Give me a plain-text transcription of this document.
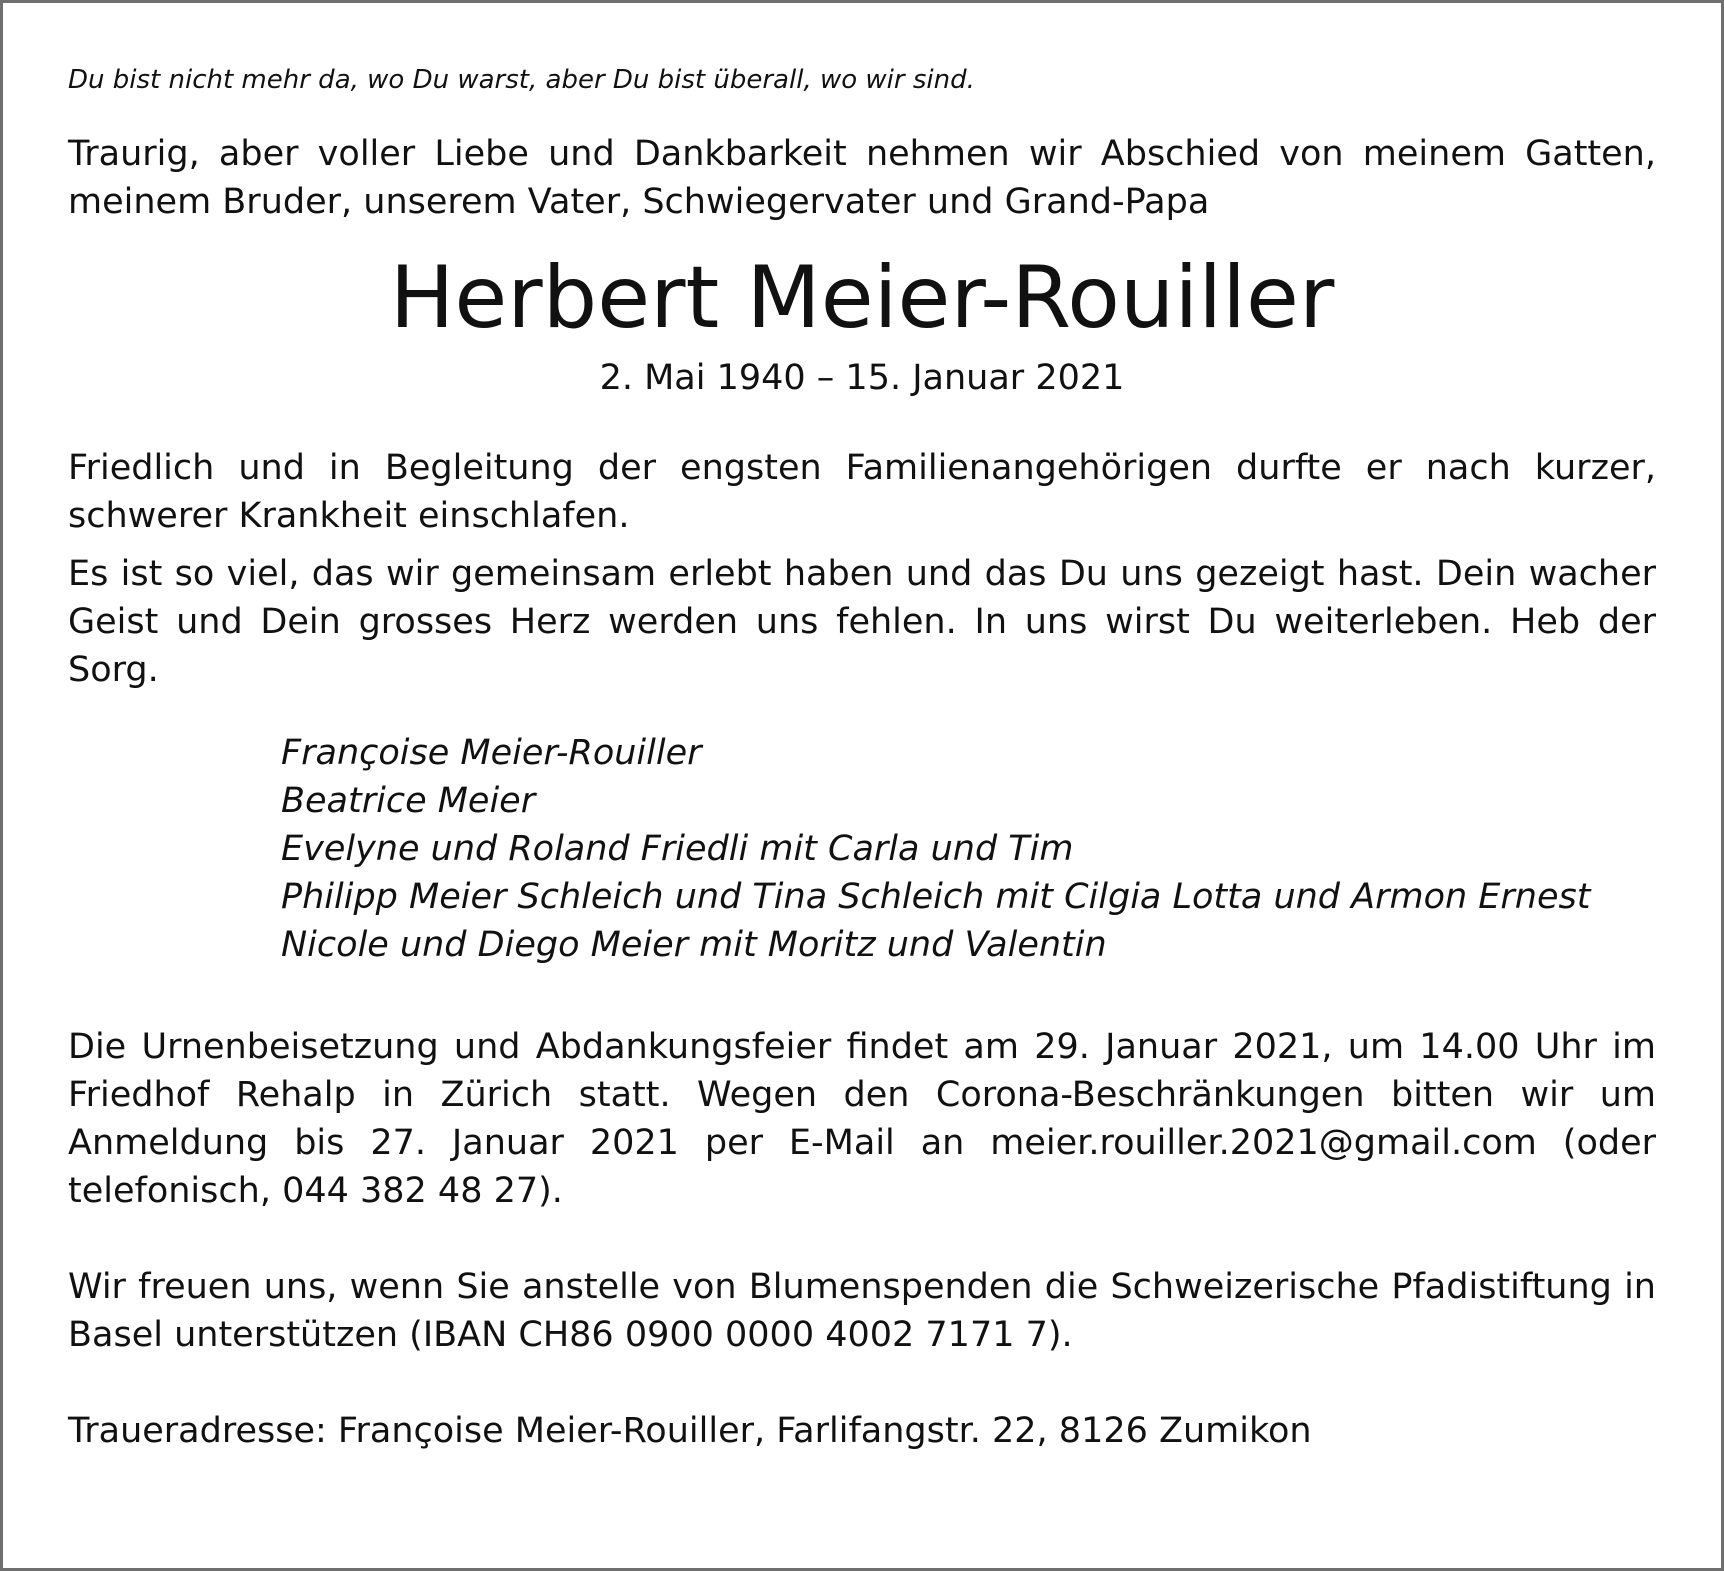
Du bist nicht mehr da, wo Du warst, aber Du bist überall, wo wir sind.

Traurig, aber voller Liebe und Dankbarkeit nehmen wir Abschied von meinem Gatten, meinem Bruder, unserem Vater, Schwiegervater und Grand-Papa

Herbert Meier-Rouiller

2. Mai 1940 – 15. Januar 2021

Friedlich und in Begleitung der engsten Familienangehörigen durfte er nach kurzer, schwerer Krankheit einschlafen.

Es ist so viel, das wir gemeinsam erlebt haben und das Du uns gezeigt hast. Dein wacher Geist und Dein grosses Herz werden uns fehlen. In uns wirst Du weiterleben. Heb der Sorg.

Françoise Meier-Rouiller
Beatrice Meier
Evelyne und Roland Friedli mit Carla und Tim
Philipp Meier Schleich und Tina Schleich mit Cilgia Lotta und Armon Ernest
Nicole und Diego Meier mit Moritz und Valentin

Die Urnenbeisetzung und Abdankungsfeier findet am 29. Januar 2021, um 14.00 Uhr im Friedhof Rehalp in Zürich statt. Wegen den Corona-Beschränkungen bitten wir um Anmeldung bis 27. Januar 2021 per E-Mail an meier.rouiller.2021@gmail.com (oder telefonisch, 044 382 48 27).

Wir freuen uns, wenn Sie anstelle von Blumenspenden die Schweizerische Pfadistiftung in Basel unterstützen (IBAN CH86 0900 0000 4002 7171 7).

Traueradresse: Françoise Meier-Rouiller, Farlifangstr. 22, 8126 Zumikon
